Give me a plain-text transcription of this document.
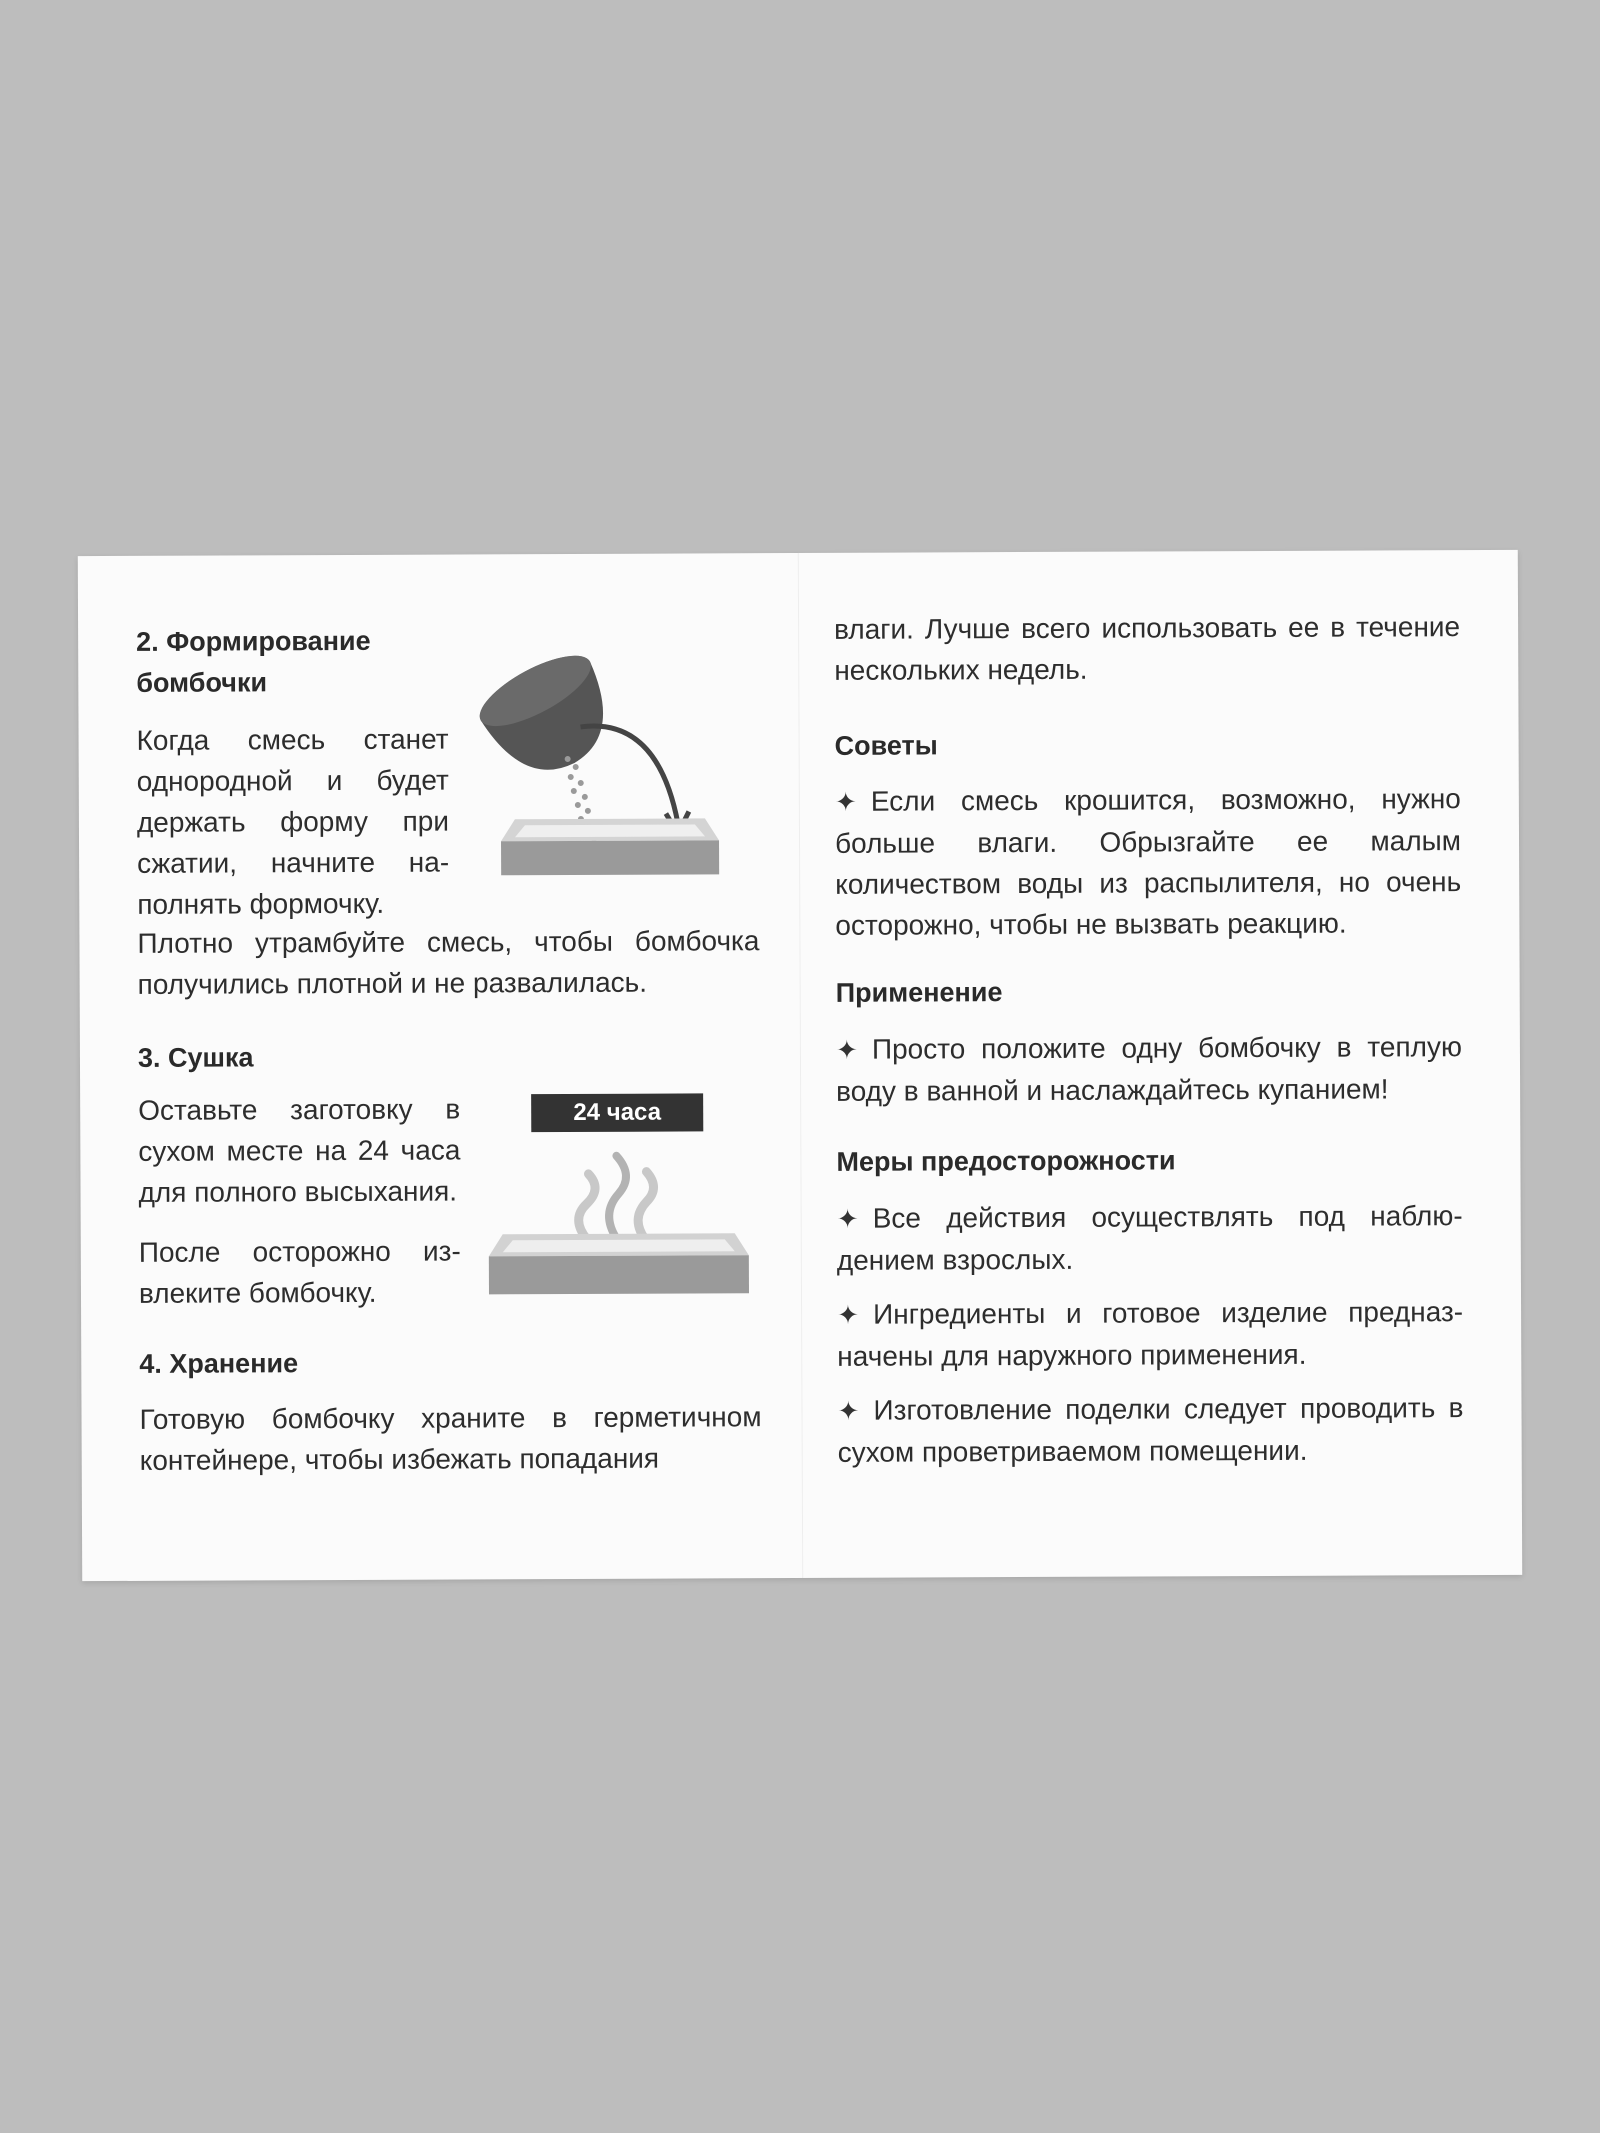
2. Формирование
бомбочки

Когда смесь станет однородной и будет держать форму при сжатии, начните на-полнять формочку.

Плотно утрамбуйте смесь, чтобы бомбочка получились плотной и не развалилась.

3. Сушка

Оставьте заготовку в сухом месте на 24 часа для полного высыхания.

После осторожно из-влеките бомбочку.

24 часа
4. Хранение

Готовую бомбочку храните в герметичном контейнере, чтобы избежать попадания

влаги. Лучше всего использовать ее в течение нескольких недель.

Советы

✦ Если смесь крошится, возможно, нужно больше влаги. Обрызгайте ее малым количеством воды из распылителя, но очень осторожно, чтобы не вызвать реакцию.

Применение

✦ Просто положите одну бомбочку в теплую воду в ванной и наслаждайтесь купанием!

Меры предосторожности

✦ Все действия осуществлять под наблю-дением взрослых.

✦ Ингредиенты и готовое изделие предназ-начены для наружного применения.

✦ Изготовление поделки следует проводить в сухом проветриваемом помещении.
